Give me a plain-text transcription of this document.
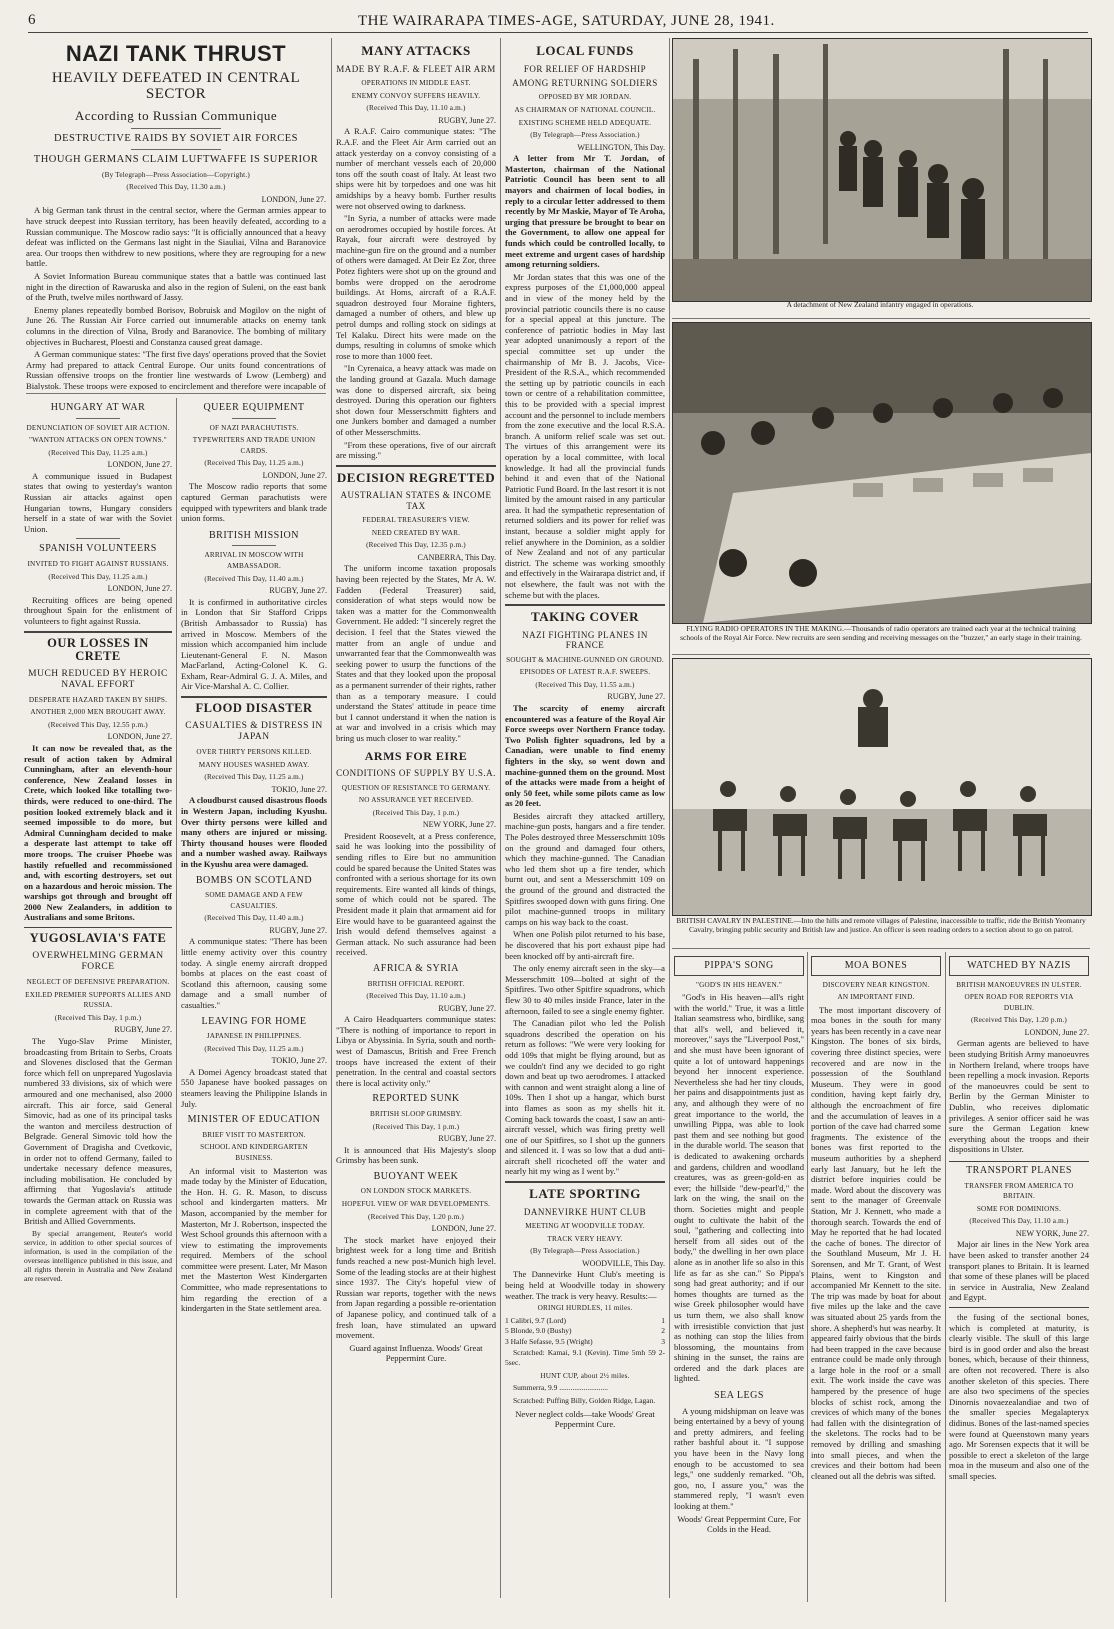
6	THE WAIRARAPA TIMES-AGE, SATURDAY, JUNE 28, 1941.
NAZI TANK THRUST
HEAVILY DEFEATED IN CENTRAL SECTOR
According to Russian Communique
DESTRUCTIVE RAIDS BY SOVIET AIR FORCES
THOUGH GERMANS CLAIM LUFTWAFFE IS SUPERIOR
(By Telegraph—Press Association—Copyright.)
(Received This Day, 11.30 a.m.)

LONDON, June 27.

A big German tank thrust in the central sector, where the German armies appear to have struck deepest into Russian territory, has been heavily defeated, according to a Russian communique. The Moscow radio says: "It is officially announced that a heavy defeat was inflicted on the Germans last night in the Siauliai, Vilna and Baranovice area. Our troops then withdrew to new positions, where they are regrouping for a new battle.

A Soviet Information Bureau communique states that a battle was continued last night in the direction of Rawaruska and also in the region of Suleni, on the east bank of the Pruth, twelve miles northward of Jassy.

Enemy planes repeatedly bombed Borisov, Bobruisk and Mogilov on the night of June 26. The Russian Air Force carried out innumerable attacks on enemy tank columns in the direction of Vilna, Brody and Baranovice. The bombing of military objectives in Bucharest, Ploesti and Constanza caused great damage.

A German communique states: "The first five days' operations proved that the Soviet Army had prepared to attack Central Europe. Our units found concentrations of Russian offensive troops on the frontier line westwards of Lwow (Lemberg) and Bialystok. These troops were exposed to encirclement and therefore were incapable of

HUNGARY AT WAR
DENUNCIATION OF SOVIET AIR ACTION.
"WANTON ATTACKS ON OPEN TOWNS."
(Received This Day, 11.25 a.m.)

LONDON, June 27.

A communique issued in Budapest states that owing to yesterday's wanton Russian air attacks against open Hungarian towns, Hungary considers herself in a state of war with the Soviet Union.

SPANISH VOLUNTEERS
INVITED TO FIGHT AGAINST RUSSIANS.
(Received This Day, 11.25 a.m.)

LONDON, June 27.

Recruiting offices are being opened throughout Spain for the enlistment of volunteers to fight against Russia.

OUR LOSSES IN CRETE
MUCH REDUCED BY HEROIC NAVAL EFFORT
DESPERATE HAZARD TAKEN BY SHIPS.
ANOTHER 2,000 MEN BROUGHT AWAY.
(Received This Day, 12.55 p.m.)

LONDON, June 27.

It can now be revealed that, as the result of action taken by Admiral Cunningham, after an eleventh-hour conference, New Zealand losses in Crete, which looked like totalling two-thirds, were reduced to one-third. The position looked extremely black and it seemed impossible to do more, but Admiral Cunningham decided to make a desperate last attempt to take off more troops. The cruiser Phoebe was hastily refuelled and recommissioned and, with escorting destroyers, set out on a hazardous and heroic mission. The warships got through and brought off 2000 New Zealanders, in addition to Australians and some Britons.

YUGOSLAVIA'S FATE
OVERWHELMING GERMAN FORCE
NEGLECT OF DEFENSIVE PREPARATION.
EXILED PREMIER SUPPORTS ALLIES AND RUSSIA.
(Received This Day, 1 p.m.)

RUGBY, June 27.

The Yugo-Slav Prime Minister, broadcasting from Britain to Serbs, Croats and Slovenes disclosed that the German force which fell on unprepared Yugoslavia numbered 33 divisions, six of which were armoured and one mechanised, also 2000 aircraft. This air force, said General Simovic, had as one of its principal tasks the wanton and merciless destruction of Belgrade. General Simovic told how the Government of Dragisha and Cvetkovic, in order not to offend Germany, failed to undertake necessary defence measures, including mobilisation. He concluded by affirming that Yugoslavia's attitude towards the German attack on Russia was in complete agreement with that of the British and Allied Governments.

By special arrangement, Reuter's world service, in addition to other special sources of information, is used in the compilation of the overseas intelligence published in this issue, and all rights therein in Australia and New Zealand are reserved.

QUEER EQUIPMENT
OF NAZI PARACHUTISTS.
TYPEWRITERS AND TRADE UNION CARDS.
(Received This Day, 11.25 a.m.)

LONDON, June 27.

The Moscow radio reports that some captured German parachutists were equipped with typewriters and blank trade union forms.

BRITISH MISSION
ARRIVAL IN MOSCOW WITH AMBASSADOR.
(Received This Day, 11.40 a.m.)

RUGBY, June 27.

It is confirmed in authoritative circles in London that Sir Stafford Cripps (British Ambassador to Russia) has arrived in Moscow. Members of the mission which accompanied him include Lieutenant-General F. N. Mason MacFarland, Acting-Colonel K. G. Exham, Rear-Admiral G. J. A. Miles, and Air Vice-Marshal A. C. Collier.

FLOOD DISASTER
CASUALTIES & DISTRESS IN JAPAN
OVER THIRTY PERSONS KILLED.
MANY HOUSES WASHED AWAY.
(Received This Day, 11.25 a.m.)

TOKIO, June 27.

A cloudburst caused disastrous floods in Western Japan, including Kyushu. Over thirty persons were killed and many others are injured or missing. Thirty thousand houses were flooded and a number washed away. Railways in the Kyushu area were damaged.

BOMBS ON SCOTLAND
SOME DAMAGE AND A FEW CASUALTIES.
(Received This Day, 11.40 a.m.)

RUGBY, June 27.

A communique states: "There has been little enemy activity over this country today. A single enemy aircraft dropped bombs at places on the east coast of Scotland this afternoon, causing some damage and a small number of casualties."

LEAVING FOR HOME
JAPANESE IN PHILIPPINES.
(Received This Day, 11.25 a.m.)

TOKIO, June 27.

A Domei Agency broadcast stated that 550 Japanese have booked passages on steamers leaving the Philippine Islands in July.

MINISTER OF EDUCATION
BRIEF VISIT TO MASTERTON.
SCHOOL AND KINDERGARTEN BUSINESS.

An informal visit to Masterton was made today by the Minister of Education, the Hon. H. G. R. Mason, to discuss school and kindergarten matters. Mr Mason, accompanied by the member for Masterton, Mr J. Robertson, inspected the West School grounds this afternoon with a view to estimating the improvements required. Members of the school committee were present. Later, Mr Mason met the Masterton West Kindergarten Committee, who made representations to him regarding the erection of a kindergarten in the State settlement area.

MANY ATTACKS
MADE BY R.A.F. & FLEET AIR ARM
OPERATIONS IN MIDDLE EAST.
ENEMY CONVOY SUFFERS HEAVILY.
(Received This Day, 11.10 a.m.)

RUGBY, June 27.

A R.A.F. Cairo communique states: "The R.A.F. and the Fleet Air Arm carried out an attack yesterday on a convoy consisting of a number of merchant vessels each of 20,000 tons off the south coast of Italy. At least two ships were hit by torpedoes and one was hit amidships by a heavy bomb. Further results were not observed owing to darkness.

"In Syria, a number of attacks were made on aerodromes occupied by hostile forces. At Rayak, four aircraft were destroyed by machine-gun fire on the ground and a number of others were damaged. At Deir Ez Zor, three Potez fighters were shot up on the ground and bombs were dropped on the aerodrome buildings. At Homs, aircraft of a R.A.F. squadron destroyed four Moraine fighters, damaged a number of others, and blew up petrol dumps and rolling stock on sidings at Tel Kalaku. Direct hits were made on the dumps, resulting in columns of smoke which rose to more than 1000 feet.

"In Cyrenaica, a heavy attack was made on the landing ground at Gazala. Much damage was done to dispersed aircraft, six being destroyed. During this operation our fighters shot down four Messerschmitt fighters and one Junkers bomber and damaged a number of other Messerschmitts.

"From these operations, five of our aircraft are missing."

DECISION REGRETTED
AUSTRALIAN STATES & INCOME TAX
FEDERAL TREASURER'S VIEW.
NEED CREATED BY WAR.
(Received This Day, 12.35 p.m.)

CANBERRA, This Day.

The uniform income taxation proposals having been rejected by the States, Mr A. W. Fadden (Federal Treasurer) said, consideration of what steps would now be taken was a matter for the Commonwealth Government. He added: "I sincerely regret the decision. I feel that the States viewed the matter from an angle of undue and unwarranted fear that the Commonwealth was seeking power to usurp the functions of the States and that they looked upon the proposal as a permanent surrender of their rights, rather than as a temporary measure. I could understand the States' attitude in peace time but I cannot understand it when the nation is at war and involved in a crisis which may bring us much closer to war reality."

ARMS FOR EIRE
CONDITIONS OF SUPPLY BY U.S.A.
QUESTION OF RESISTANCE TO GERMANY.
NO ASSURANCE YET RECEIVED.
(Received This Day, 1 p.m.)

NEW YORK, June 27.

President Roosevelt, at a Press conference, said he was looking into the possibility of sending rifles to Eire but no ammunition could be spared because the United States was confronted with a serious shortage for its own requirements. Eire wanted all kinds of things, some of which could not be spared. The President made it plain that armament aid for Eire would have to be guaranteed against the Irish would defend themselves against a German attack. No such assurance had been received.

AFRICA & SYRIA
BRITISH OFFICIAL REPORT.
(Received This Day, 11.10 a.m.)

RUGBY, June 27.

A Cairo Headquarters communique states: "There is nothing of importance to report in Libya or Abyssinia. In Syria, south and north-west of Damascus, British and Free French troops have increased the extent of their penetration. In the central and coastal sectors there is local activity only."

REPORTED SUNK
BRITISH SLOOP GRIMSBY.
(Received This Day, 1 p.m.)

RUGBY, June 27.

It is announced that His Majesty's sloop Grimsby has been sunk.

BUOYANT WEEK
ON LONDON STOCK MARKETS.
HOPEFUL VIEW OF WAR DEVELOPMENTS.
(Received This Day, 1.20 p.m.)

LONDON, June 27.

The stock market have enjoyed their brightest week for a long time and British funds reached a new post-Munich high level. Some of the leading stocks are at their highest since 1937. The City's hopeful view of Russian war reports, together with the news from Japan regarding a possible re-orientation of Japanese policy, and continued talk of a fresh loan, have stimulated an upward movement.

Guard against Influenza. Woods' Great Peppermint Cure.

LOCAL FUNDS
FOR RELIEF OF HARDSHIP
AMONG RETURNING SOLDIERS
OPPOSED BY MR JORDAN.
AS CHAIRMAN OF NATIONAL COUNCIL.
EXISTING SCHEME HELD ADEQUATE.
(By Telegraph—Press Association.)

WELLINGTON, This Day.

A letter from Mr T. Jordan, of Masterton, chairman of the National Patriotic Council has been sent to all mayors and chairmen of local bodies, in reply to a circular letter addressed to them recently by Mr Maskie, Mayor of Te Aroha, urging that pressure be brought to bear on the Government, to allow one appeal for funds which could be controlled locally, to meet extreme and urgent cases of hardship among returning soldiers.

Mr Jordan states that this was one of the express purposes of the £1,000,000 appeal and in view of the money held by the provincial patriotic councils there is no cause for a special appeal at this juncture. The conference of patriotic bodies in May last year adopted unanimously a report of the special committee set up under the chairmanship of Mr B. J. Jacobs, Vice-President of the R.S.A., which recommended the setting up by patriotic councils in each town or centre of a rehabilitation committee, this to be provided with a special imprest account and the personnel to include members from the zone executive and the local R.S.A. branch. A uniform relief scale was set out. The virtues of this arrangement were its operation by a local committee, with local knowledge. It had all the provincial funds behind it and even that of the National Patriotic Fund Board. In the last resort it is not limited by the amount raised in any particular area. It had the sympathetic representation of returned soldiers and its power for relief was instant, because a soldier might apply for relief anywhere in the Dominion, as a soldier of New Zealand and not of any particular district. The scheme was working smoothly and effectively in the Wairarapa district and, if not elsewhere, the fault was not with the scheme but with the places.

TAKING COVER
NAZI FIGHTING PLANES IN FRANCE
SOUGHT & MACHINE-GUNNED ON GROUND.
EPISODES OF LATEST R.A.F. SWEEPS.
(Received This Day, 11.55 a.m.)

RUGBY, June 27.

The scarcity of enemy aircraft encountered was a feature of the Royal Air Force sweeps over Northern France today. Two Polish fighter squadrons, led by a Canadian, were unable to find enemy fighters in the sky, so went down and machine-gunned them on the ground. Most of the attacks were made from a height of only 50 feet, while some pilots came as low as 20 feet.

Besides aircraft they attacked artillery, machine-gun posts, hangars and a fire tender. The Poles destroyed three Messerschmitt 109s on the ground and damaged four others, which they machine-gunned. The Canadian who led them shot up a fire tender, which burnt out, and sent a Messerschmitt 109 on the ground of the ground and distracted the Spitfires swooped down with guns firing. One pilot machine-gunned troops in military camps on his way back to the coast.

When one Polish pilot returned to his base, he discovered that his port exhaust pipe had been knocked off by anti-aircraft fire.

The only enemy aircraft seen in the sky—a Messerschmitt 109—bolted at sight of the Spitfires. Two other Spitfire squadrons, which flew 30 to 40 miles inside France, later in the afternoon, failed to see a single enemy fighter.

The Canadian pilot who led the Polish squadrons described the operation on his return as follows: "We were very looking for odd 109s that might be flying around, but as we couldn't find any we decided to go right down and beat up two aerodromes. I attacked with cannon and went straight along a line of 109s. Then I shot up a hangar, which burst into flames as soon as my shells hit it. Coming back towards the coast, I saw an anti-aircraft vessel, which was firing pretty well one of our Spitfires, so I shot up the gunners and silenced it. I was so low that a dud anti-aircraft shell ricocheted off the water and nearly hit my wing as I went by."

LATE SPORTING
DANNEVIRKE HUNT CLUB
MEETING AT WOODVILLE TODAY.
TRACK VERY HEAVY.
(By Telegraph—Press Association.)

WOODVILLE, This Day.

The Dannevirke Hunt Club's meeting is being held at Woodville today in showery weather. The track is very heavy. Results:—

ORINGI HURDLES, 11 miles.
1 Calibri, 9.7 (Lord)	1
5 Blonde, 9.0 (Bushy)	2
3 Halfe Sefasse, 9.5 (Wright)	3

Scratched: Kamai, 9.1 (Kevin). Time 5mh 59 2-5sec.

HUNT CUP, about 2½ miles.

Summerra, 9.9 ..........................

Scratched: Puffing Billy, Golden Ridge, Lagan.

Never neglect colds—take Woods' Great Peppermint Cure.

A detachment of New Zealand infantry engaged in operations.
FLYING RADIO OPERATORS IN THE MAKING.—Thousands of radio operators are trained each year at the technical training schools of the Royal Air Force. New recruits are seen sending and receiving messages on the "buzzer," an early stage in their training.
BRITISH CAVALRY IN PALESTINE.—Into the hills and remote villages of Palestine, inaccessible to traffic, ride the British Yeomanry Cavalry, bringing public security and British law and justice. An officer is seen reading orders to a section about to go on patrol.
PIPPA'S SONG
"GOD'S IN HIS HEAVEN."

"God's in His heaven—all's right with the world." True, it was a little Italian seamstress who, birdlike, sang that all's well, and believed it, moreover," says the "Liverpool Post," and she must have been ignorant of quite a lot of untoward happenings beyond her innocent experience. Nevertheless she had her tiny clouds, her pains and disappointments just as any, and although they were of no great importance to the world, the unwilling Pippa, was able to look past them and see nothing but good in the durable world. The season that is dedicated to awakening orchards and gardens, children and woodland creatures, was as green-gold-en as ever; the hillside "dew-pearl'd," the lark on the wing, the snail on the thorn. Societies might and people ought to cultivate the habit of the soul, "gathering and collecting into herself from all sides out of the body," the dwelling in her own place alone as in another life so also in this life as far as she can." So Pippa's song had great authority; and if our homes thoughts are turned as the wise Greek philosopher would have us turn them, we also shall know with irresistible conviction that just as nothing can stop the lilies from blossoming, the mountains from shining in the sunset, the rains are ordered and the dark places are lighted.

SEA LEGS

A young midshipman on leave was being entertained by a bevy of young and pretty admirers, and feeling rather bashful about it. "I suppose you have been in the Navy long enough to be accustomed to sea legs," one suddenly remarked. "Oh, goo, no, I assure you," was the stammered reply, "I wasn't even looking at them."

Woods' Great Peppermint Cure, For Colds in the Head.

MOA BONES
DISCOVERY NEAR KINGSTON.
AN IMPORTANT FIND.

The most important discovery of moa bones in the south for many years has been recently in a cave near Kingston. The bones of six birds, covering three distinct species, were recovered and are now in the possession of the Southland Museum. They were in good condition, having kept fairly dry, although the encroachment of fire and the accumulation of leaves in a portion of the cave had charred some fragments. The existence of the bones was first reported to the museum authorities by a shepherd early last January, but he left the district before inquiries could be made. Word about the discovery was sent to the manager of Greenvale Station, Mr J. Kennett, who made a thorough search. Towards the end of May he reported that he had located the cache of bones. The director of the Southland Museum, Mr J. H. Sorensen, and Mr T. Grant, of West Plains, went to Kingston and accompanied Mr Kennett to the site. The trip was made by boat for about five miles up the lake and the cave was situated about 25 yards from the shore. A shepherd's hut was nearby. It appeared fairly obvious that the birds had been trapped in the cave because entrance could be made only through a large hole in the roof or a small exit. The work inside the cave was hampered by the presence of huge blocks of schist rock, among the crevices of which many of the bones had fallen with the disintegration of the skeletons. The rocks had to be removed by drilling and smashing into small pieces, and when the crevices and their bottom had been cleaned out all the debris was sifted.

WATCHED BY NAZIS
BRITISH MANOEUVRES IN ULSTER.
OPEN ROAD FOR REPORTS VIA DUBLIN.
(Received This Day, 1.20 p.m.)

LONDON, June 27.

German agents are believed to have been studying British Army manoeuvres in Northern Ireland, where troops have been repelling a mock invasion. Reports of the manoeuvres could be sent to Berlin by the German Minister to Dublin, who receives diplomatic privileges. A senior officer said he was sure the German Legation knew everything about the troops and their dispositions in Ulster.

TRANSPORT PLANES
TRANSFER FROM AMERICA TO BRITAIN.
SOME FOR DOMINIONS.
(Received This Day, 11.10 a.m.)

NEW YORK, June 27.

Major air lines in the New York area have been asked to transfer another 24 transport planes to Britain. It is learned that some of these planes will be placed in service in Australia, New Zealand and Egypt.

the fusing of the sectional bones, which is completed at maturity, is clearly visible. The skull of this large bird is in good order and also the breast bones, which, because of their thinness, are often not recovered. There is also another skeleton of this species. There are also two specimens of the species Dinornis novaezealandiae and two of the smaller species Megalapteryx didinus. Bones of the last-named species were found at Queenstown many years ago. Mr Sorensen expects that it will be possible to erect a skeleton of the large moa in the museum and also one of the small species.
